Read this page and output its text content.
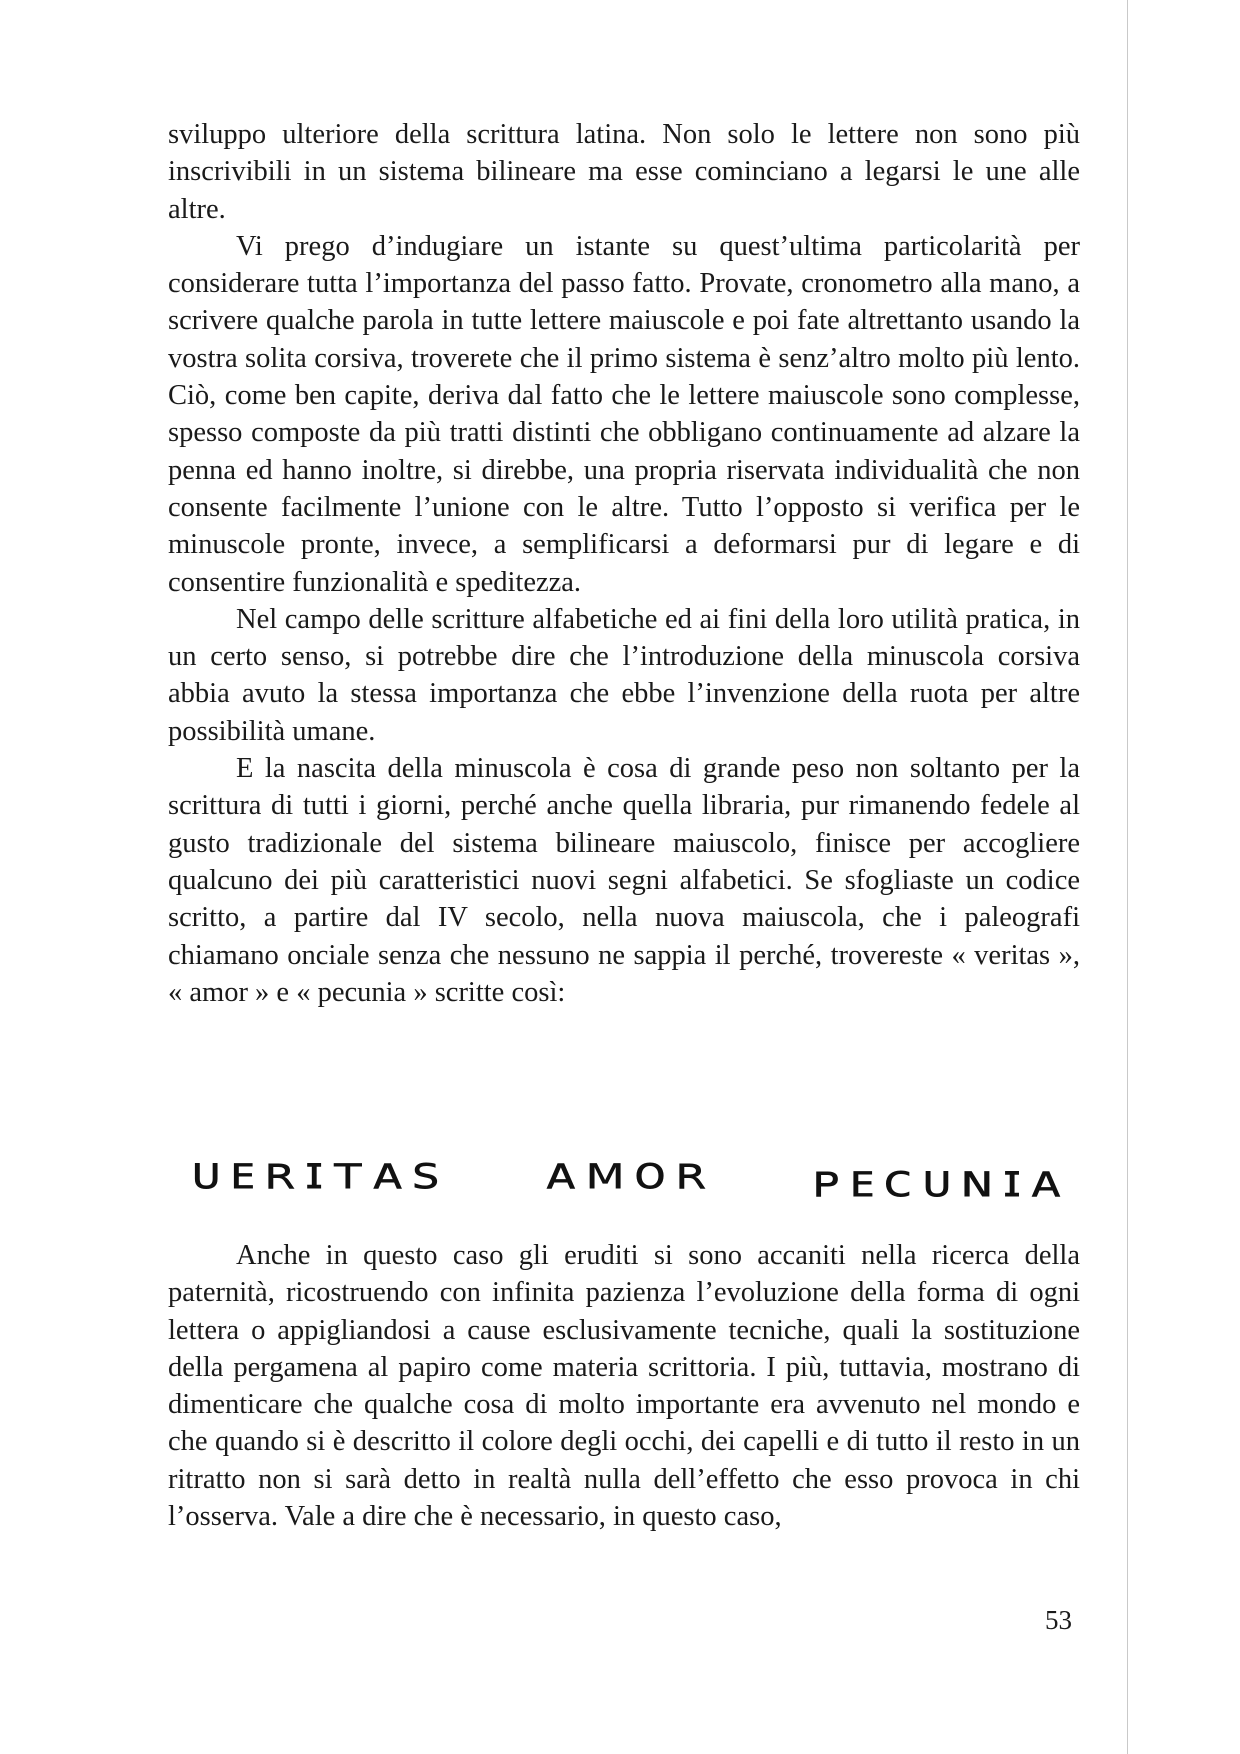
sviluppo ulteriore della scrittura latina. Non solo le lettere non sono più inscrivibili in un sistema bilineare ma esse cominciano a legarsi le une alle altre.

Vi prego d’indugiare un istante su quest’ultima particolarità per considerare tutta l’importanza del passo fatto. Provate, cronometro alla mano, a scrivere qualche parola in tutte lettere maiuscole e poi fate altrettanto usando la vostra solita corsiva, troverete che il primo sistema è senz’altro molto più lento. Ciò, come ben capite, deriva dal fatto che le lettere maiuscole sono complesse, spesso composte da più tratti distinti che obbligano continuamente ad alzare la penna ed hanno inoltre, si direbbe, una propria riservata individualità che non consente facilmente l’unione con le altre. Tutto l’opposto si verifica per le minuscole pronte, invece, a semplificarsi a deformarsi pur di legare e di consentire funzionalità e speditezza.

Nel campo delle scritture alfabetiche ed ai fini della loro utilità pratica, in un certo senso, si potrebbe dire che l’introduzione della minuscola corsiva abbia avuto la stessa importanza che ebbe l’invenzione della ruota per altre possibilità umane.

E la nascita della minuscola è cosa di grande peso non soltanto per la scrittura di tutti i giorni, perché anche quella libraria, pur rimanendo fedele al gusto tradizionale del sistema bilineare maiuscolo, finisce per accogliere qualcuno dei più caratteristici nuovi segni alfabetici. Se sfogliaste un codice scritto, a partire dal IV secolo, nella nuova maiuscola, che i paleografi chiamano onciale senza che nessuno ne sappia il perché, trovereste « veritas », « amor » e « pecunia » scritte così:

ᴜᴇʀɪᴛᴀs ᴀᴍᴏʀ ᴘᴇᴄᴜɴɪᴀ

Anche in questo caso gli eruditi si sono accaniti nella ricerca della paternità, ricostruendo con infinita pazienza l’evoluzione della forma di ogni lettera o appigliandosi a cause esclusivamente tecniche, quali la sostituzione della pergamena al papiro come materia scrittoria. I più, tuttavia, mostrano di dimenticare che qualche cosa di molto importante era avvenuto nel mondo e che quando si è descritto il colore degli occhi, dei capelli e di tutto il resto in un ritratto non si sarà detto in realtà nulla dell’effetto che esso provoca in chi l’osserva. Vale a dire che è necessario, in questo caso,

53
